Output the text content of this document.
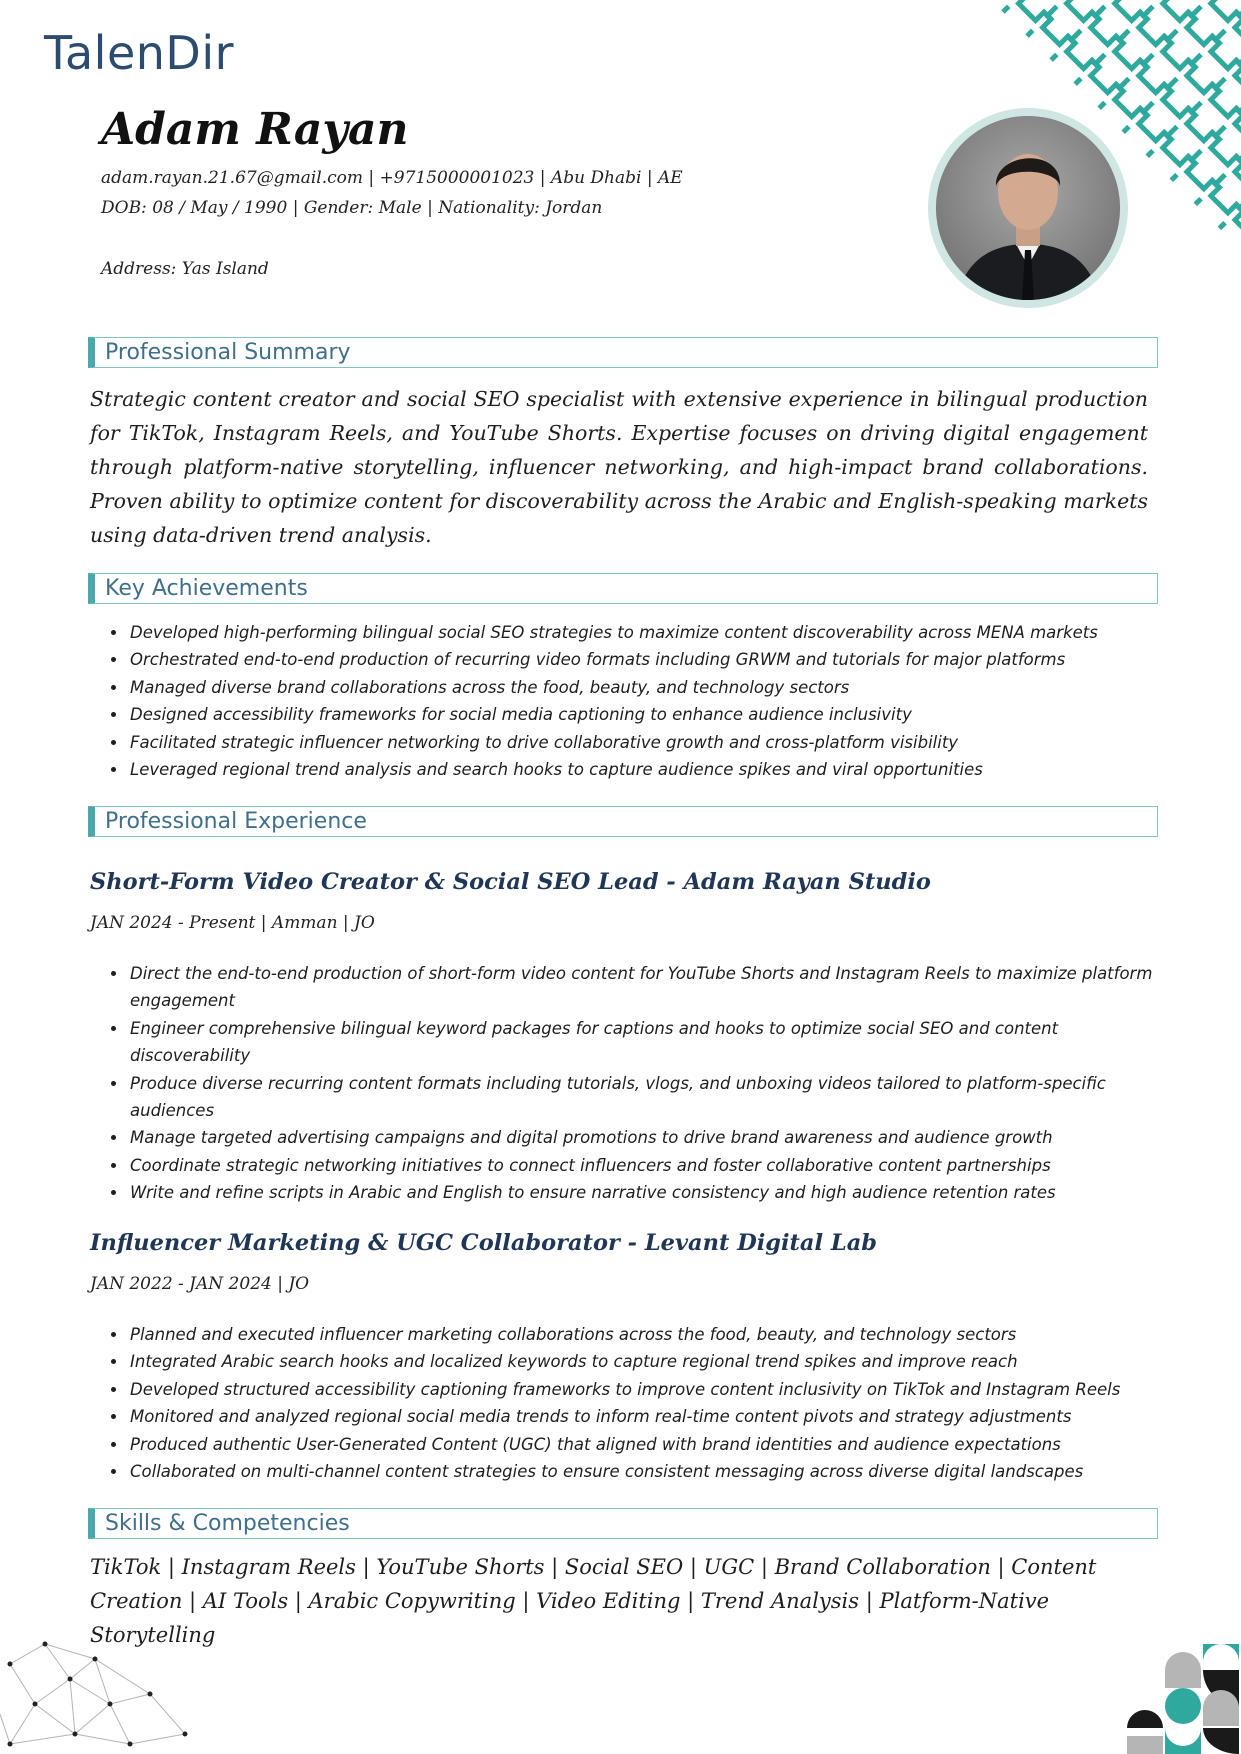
TalenDir
Adam Rayan
adam.rayan.21.67@gmail.com | +9715000001023 | Abu Dhabi | AE
DOB: 08 / May / 1990 | Gender: Male | Nationality: Jordan
Address: Yas Island
Professional Summary

Strategic content creator and social SEO specialist with extensive experience in bilingual production for TikTok, Instagram Reels, and YouTube Shorts. Expertise focuses on driving digital engagement through platform-native storytelling, influencer networking, and high-impact brand collaborations. Proven ability to optimize content for discoverability across the Arabic and English-speaking markets using data-driven trend analysis.

Key Achievements
• Developed high-performing bilingual social SEO strategies to maximize content discoverability across MENA markets
• Orchestrated end-to-end production of recurring video formats including GRWM and tutorials for major platforms
• Managed diverse brand collaborations across the food, beauty, and technology sectors
• Designed accessibility frameworks for social media captioning to enhance audience inclusivity
• Facilitated strategic influencer networking to drive collaborative growth and cross-platform visibility
• Leveraged regional trend analysis and search hooks to capture audience spikes and viral opportunities
Professional Experience
Short-Form Video Creator & Social SEO Lead - Adam Rayan Studio

JAN 2024 - Present | Amman | JO

• Direct the end-to-end production of short-form video content for YouTube Shorts and Instagram Reels to maximize platform engagement
• Engineer comprehensive bilingual keyword packages for captions and hooks to optimize social SEO and content discoverability
• Produce diverse recurring content formats including tutorials, vlogs, and unboxing videos tailored to platform-specific audiences
• Manage targeted advertising campaigns and digital promotions to drive brand awareness and audience growth
• Coordinate strategic networking initiatives to connect influencers and foster collaborative content partnerships
• Write and refine scripts in Arabic and English to ensure narrative consistency and high audience retention rates
Influencer Marketing & UGC Collaborator - Levant Digital Lab

JAN 2022 - JAN 2024 | JO

• Planned and executed influencer marketing collaborations across the food, beauty, and technology sectors
• Integrated Arabic search hooks and localized keywords to capture regional trend spikes and improve reach
• Developed structured accessibility captioning frameworks to improve content inclusivity on TikTok and Instagram Reels
• Monitored and analyzed regional social media trends to inform real-time content pivots and strategy adjustments
• Produced authentic User-Generated Content (UGC) that aligned with brand identities and audience expectations
• Collaborated on multi-channel content strategies to ensure consistent messaging across diverse digital landscapes
Skills & Competencies

TikTok | Instagram Reels | YouTube Shorts | Social SEO | UGC | Brand Collaboration | Content Creation | AI Tools | Arabic Copywriting | Video Editing | Trend Analysis | Platform-Native Storytelling
